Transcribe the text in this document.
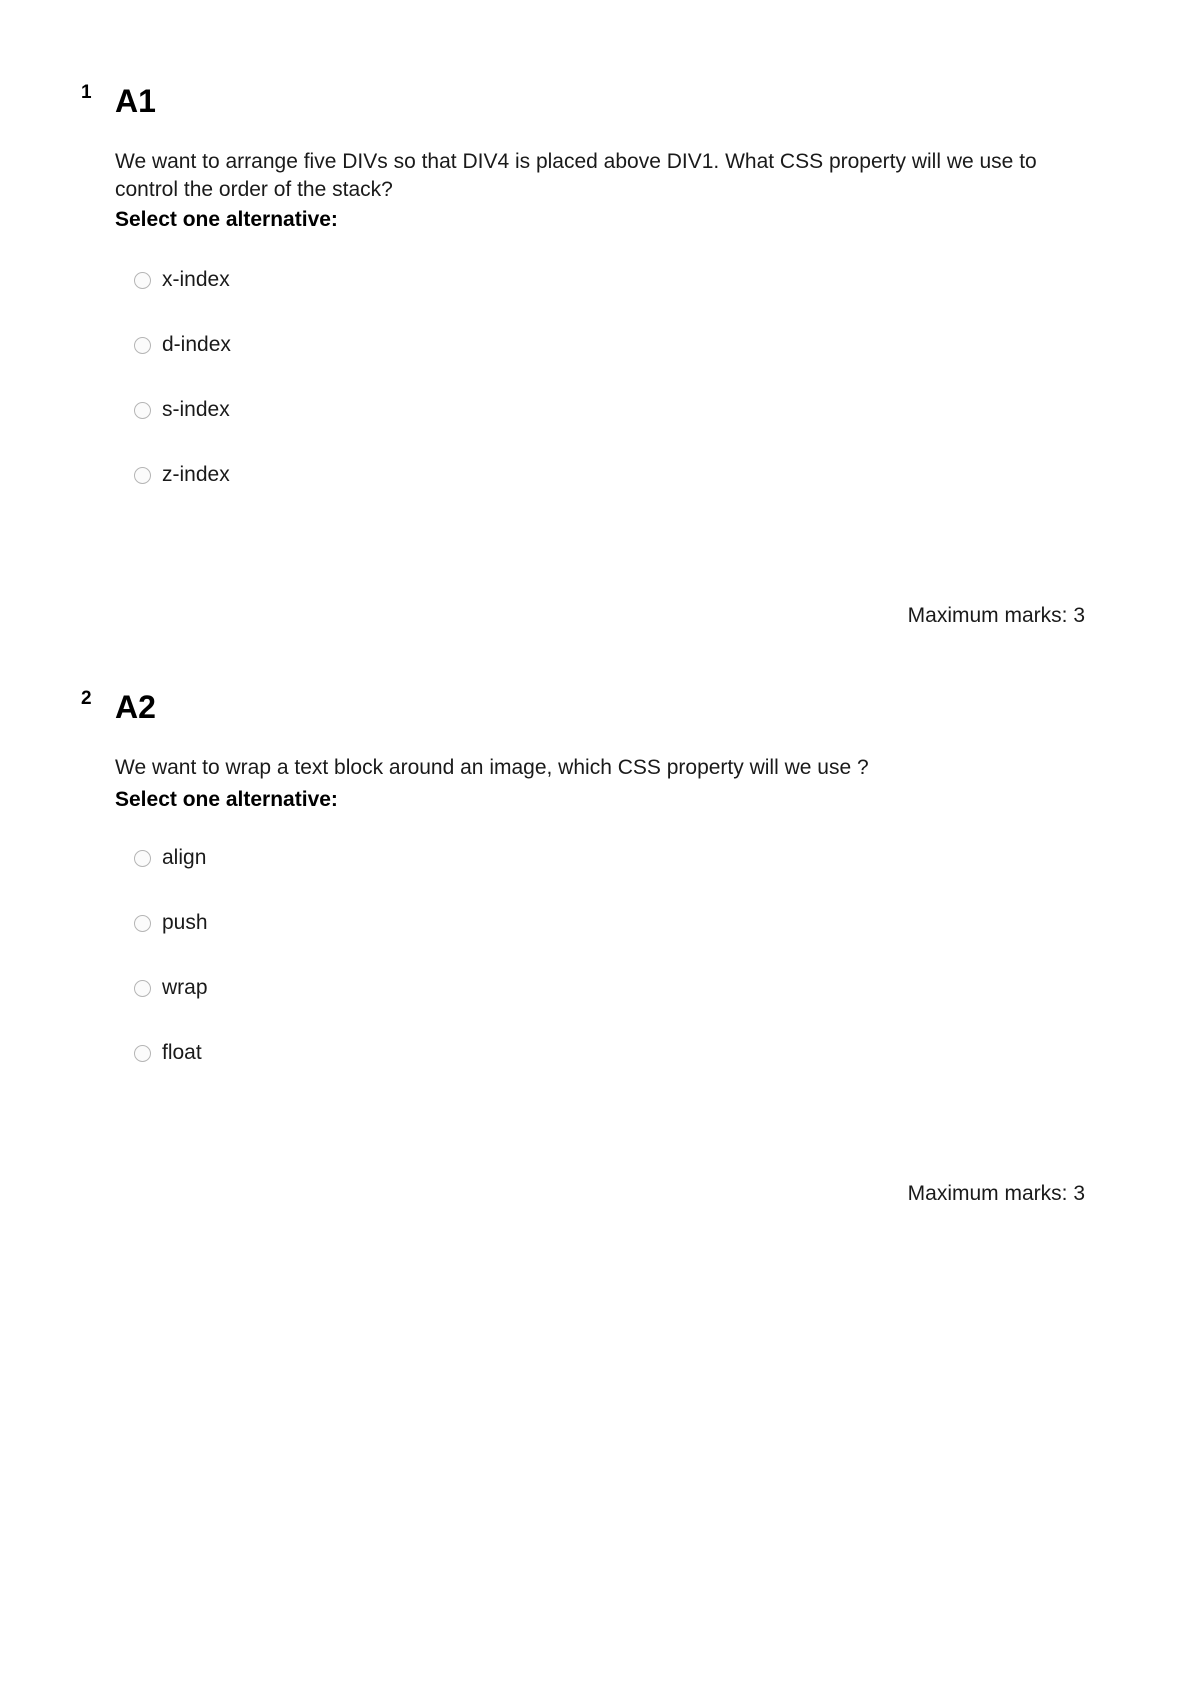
1 A1
We want to arrange five DIVs so that DIV4 is placed above DIV1. What CSS property will we use to control the order of the stack?
Select one alternative:
x-index
d-index
s-index
z-index
Maximum marks: 3
2 A2
We want to wrap a text block around an image, which CSS property will we use ?
Select one alternative:
align
push
wrap
float
Maximum marks: 3
